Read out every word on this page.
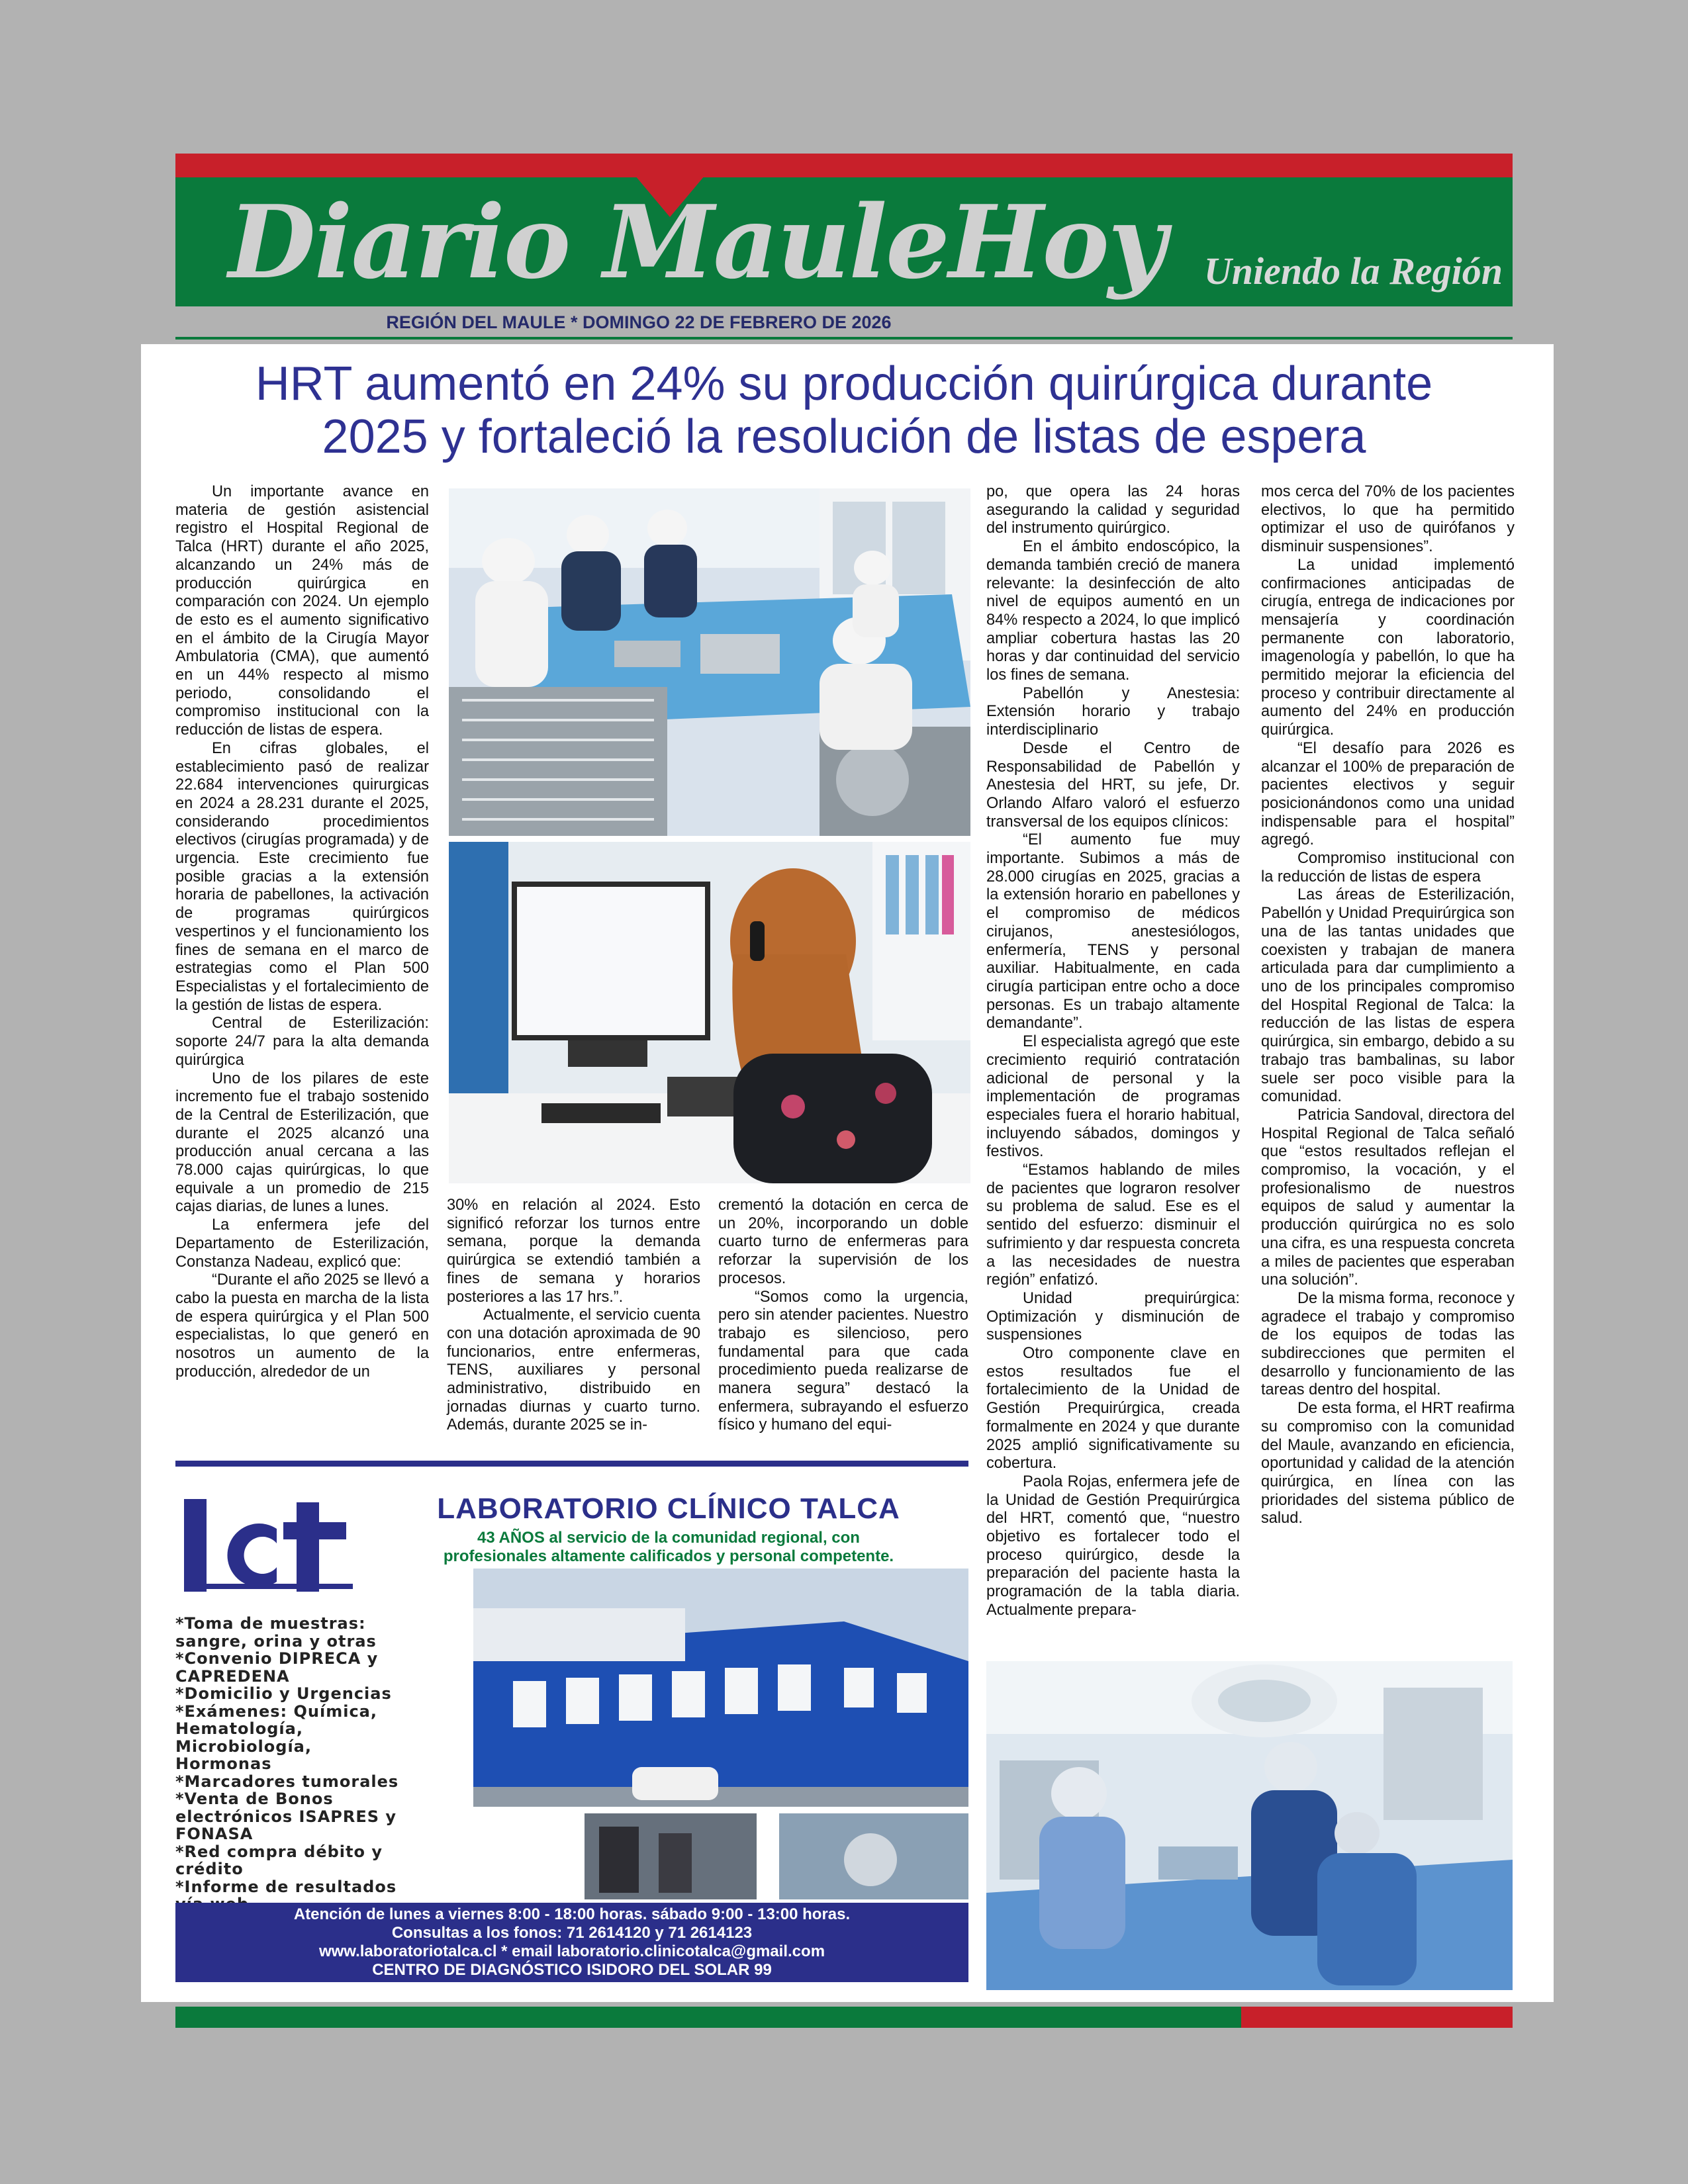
Diario MauleHoy	Uniendo la Región
REGIÓN DEL MAULE * DOMINGO 22 DE FEBRERO DE 2026
HRT aumentó en 24% su producción quirúrgica durante
2025 y fortaleció la resolución de listas de espera

Un importante avance en materia de gestión asistencial registro el Hospital Regional de Talca (HRT) durante el año 2025, alcanzando un 24% más de producción quirúrgica en comparación con 2024. Un ejemplo de esto es el aumento significativo en el ámbito de la Cirugía Mayor Ambulatoria (CMA), que aumentó en un 44% respecto al mismo periodo, consolidando el compromiso institucional con la reducción de listas de espera.

En cifras globales, el establecimiento pasó de realizar 22.684 intervenciones quirurgicas en 2024 a 28.231 durante el 2025, considerando procedimientos electivos (cirugías programada) y de urgencia. Este crecimiento fue posible gracias a la extensión horaria de pabellones, la activación de programas quirúrgicos vespertinos y el funcionamiento los fines de semana en el marco de estrategias como el Plan 500 Especialistas y el fortalecimiento de la gestión de listas de espera.

Central de Esterilización: soporte 24/7 para la alta demanda quirúrgica

Uno de los pilares de este incremento fue el trabajo sostenido de la Central de Esterilización, que durante el 2025 alcanzó una producción anual cercana a las 78.000 cajas quirúrgicas, lo que equivale a un promedio de 215 cajas diarias, de lunes a lunes.

La enfermera jefe del Departamento de Esterilización, Constanza Nadeau, explicó que:

“Durante el año 2025 se llevó a cabo la puesta en marcha de la lista de espera quirúrgica y el Plan 500 especialistas, lo que generó en nosotros un aumento de la producción, alrededor de un

30% en relación al 2024. Esto significó reforzar los turnos entre semana, porque la demanda quirúrgica se extendió también a fines de semana y horarios posteriores a las 17 hrs.”.

Actualmente, el servicio cuenta con una dotación aproximada de 90 funcionarios, entre enfermeras, TENS, auxiliares y personal administrativo, distribuido en jornadas diurnas y cuarto turno. Además, durante 2025 se in-

crementó la dotación en cerca de un 20%, incorporando un doble cuarto turno de enfermeras para reforzar la supervisión de los procesos.

“Somos como la urgencia, pero sin atender pacientes. Nuestro trabajo es silencioso, pero fundamental para que cada procedimiento pueda realizarse de manera segura” destacó la enfermera, subrayando el esfuerzo físico y humano del equi-

po, que opera las 24 horas asegurando la calidad y seguridad del instrumento quirúrgico.

En el ámbito endoscópico, la demanda también creció de manera relevante: la desinfección de alto nivel de equipos aumentó en un 84% respecto a 2024, lo que implicó ampliar cobertura hastas las 20 horas y dar continuidad del servicio los fines de semana.

Pabellón y Anestesia: Extensión horario y trabajo interdisciplinario

Desde el Centro de Responsabilidad de Pabellón y Anestesia del HRT, su jefe, Dr. Orlando Alfaro valoró el esfuerzo transversal de los equipos clínicos:

“El aumento fue muy importante. Subimos a más de 28.000 cirugías en 2025, gracias a la extensión horario en pabellones y el compromiso de médicos cirujanos, anestesiólogos, enfermería, TENS y personal auxiliar. Habitualmente, en cada cirugía participan entre ocho a doce personas. Es un trabajo altamente demandante”.

El especialista agregó que este crecimiento requirió contratación adicional de personal y la implementación de programas especiales fuera el horario habitual, incluyendo sábados, domingos y festivos.

“Estamos hablando de miles de pacientes que lograron resolver su problema de salud. Ese es el sentido del esfuerzo: disminuir el sufrimiento y dar respuesta concreta a las necesidades de nuestra región” enfatizó.

Unidad prequirúrgica: Optimización y disminución de suspensiones

Otro componente clave en estos resultados fue el fortalecimiento de la Unidad de Gestión Prequirúrgica, creada formalmente en 2024 y que durante 2025 amplió significativamente su cobertura.

Paola Rojas, enfermera jefe de la Unidad de Gestión Prequirúrgica del HRT, comentó que, “nuestro objetivo es fortalecer todo el proceso quirúrgico, desde la preparación del paciente hasta la programación de la tabla diaria. Actualmente prepara-

mos cerca del 70% de los pacientes electivos, lo que ha permitido optimizar el uso de quirófanos y disminuir suspensiones”.

La unidad implementó confirmaciones anticipadas de cirugía, entrega de indicaciones por mensajería y coordinación permanente con laboratorio, imagenología y pabellón, lo que ha permitido mejorar la eficiencia del proceso y contribuir directamente al aumento del 24% en producción quirúrgica.

“El desafío para 2026 es alcanzar el 100% de preparación de pacientes electivos y seguir posicionándonos como una unidad indispensable para el hospital” agregó.

Compromiso institucional con la reducción de listas de espera

Las áreas de Esterilización, Pabellón y Unidad Prequirúrgica son una de las tantas unidades que coexisten y trabajan de manera articulada para dar cumplimiento a uno de los principales compromiso del Hospital Regional de Talca: la reducción de las listas de espera quirúrgica, sin embargo, debido a su trabajo tras bambalinas, su labor suele ser poco visible para la comunidad.

Patricia Sandoval, directora del Hospital Regional de Talca señaló que “estos resultados reflejan el compromiso, la vocación, y el profesionalismo de nuestros equipos de salud y aumentar la producción quirúrgica no es solo una cifra, es una respuesta concreta a miles de pacientes que esperaban una solución”.

De la misma forma, reconoce y agradece el trabajo y compromiso de los equipos de todas las subdirecciones que permiten el desarrollo y funcionamiento de las tareas dentro del hospital.

De esta forma, el HRT reafirma su compromiso con la comunidad del Maule, avanzando en eficiencia, oportunidad y calidad de la atención quirúrgica, en línea con las prioridades del sistema público de salud.

LABORATORIO CLÍNICO TALCA
43 AÑOS al servicio de la comunidad regional, con
profesionales altamente calificados y personal competente.
*Toma de muestras: sangre, orina y otras
*Convenio DIPRECA y CAPREDENA
*Domicilio y Urgencias
*Exámenes: Química, Hematología, Microbiología, Hormonas
*Marcadores tumorales
*Venta de Bonos electrónicos ISAPRES y FONASA
*Red compra débito y crédito
*Informe de resultados
Atención de lunes a viernes 8:00 - 18:00 horas. sábado 9:00 - 13:00 horas.
Consultas a los fonos: 71 2614120 y 71 2614123
www.laboratoriotalca.cl * email laboratorio.clinicotalca@gmail.com
CENTRO DE DIAGNÓSTICO ISIDORO DEL SOLAR 99
